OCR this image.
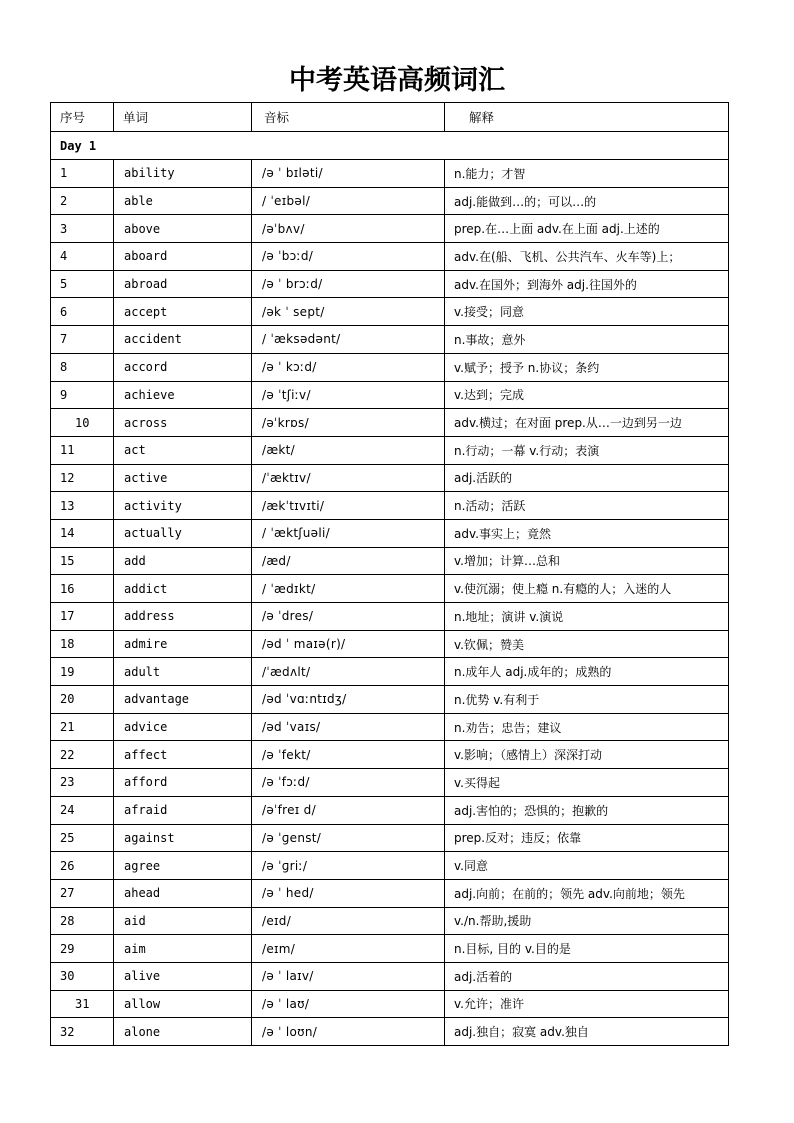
中考英语高频词汇
序号	单词	音标	解释
Day 1			
1	ability	/ə ˈ bɪləti/	n.能力；才智
2	able	/ ˈeɪbəl/	adj.能做到…的；可以…的
3	above	/əˈbʌv/	prep.在…上面 adv.在上面 adj.上述的
4	aboard	/ə ˈbɔːd/	adv.在(船、飞机、公共汽车、火车等)上；
5	abroad	/ə ˈ brɔːd/	adv.在国外；到海外 adj.往国外的
6	accept	/ək ˈ sept/	v.接受；同意
7	accident	/ ˈæksədənt/	n.事故；意外
8	accord	/ə ˈ kɔːd/	v.赋予；授予 n.协议；条约
9	achieve	/ə ˈtʃiːv/	v.达到；完成
10	across	/əˈkrɒs/	adv.横过；在对面 prep.从…一边到另一边
11	act	/ækt/	n.行动；一幕 v.行动；表演
12	active	/ˈæktɪv/	adj.活跃的
13	activity	/ækˈtɪvɪti/	n.活动；活跃
14	actually	/ ˈæktʃuəli/	adv.事实上；竟然
15	add	/æd/	v.增加；计算…总和
16	addict	/ ˈædɪkt/	v.使沉溺；使上瘾 n.有瘾的人；入迷的人
17	address	/ə ˈdres/	n.地址；演讲 v.演说
18	admire	/əd ˈ maɪə(r)/	v.钦佩；赞美
19	adult	/ˈædʌlt/	n.成年人 adj.成年的；成熟的
20	advantage	/əd ˈvɑːntɪdʒ/	n.优势 v.有利于
21	advice	/əd ˈvaɪs/	n.劝告；忠告；建议
22	affect	/ə ˈfekt/	v.影响；（感情上）深深打动
23	afford	/ə ˈfɔːd/	v.买得起
24	afraid	/əˈfreɪ d/	adj.害怕的；恐惧的；抱歉的
25	against	/ə ˈɡenst/	prep.反对；违反；依靠
26	agree	/ə ˈɡriː/	v.同意
27	ahead	/ə ˈ hed/	adj.向前；在前的；领先 adv.向前地；领先
28	aid	/eɪd/	v./n.帮助,援助
29	aim	/eɪm/	n.目标, 目的 v.目的是
30	alive	/ə ˈ laɪv/	adj.活着的
31	allow	/ə ˈ laʊ/	v.允许；准许
32	alone	/ə ˈ loʊn/	adj.独自；寂寞 adv.独自
